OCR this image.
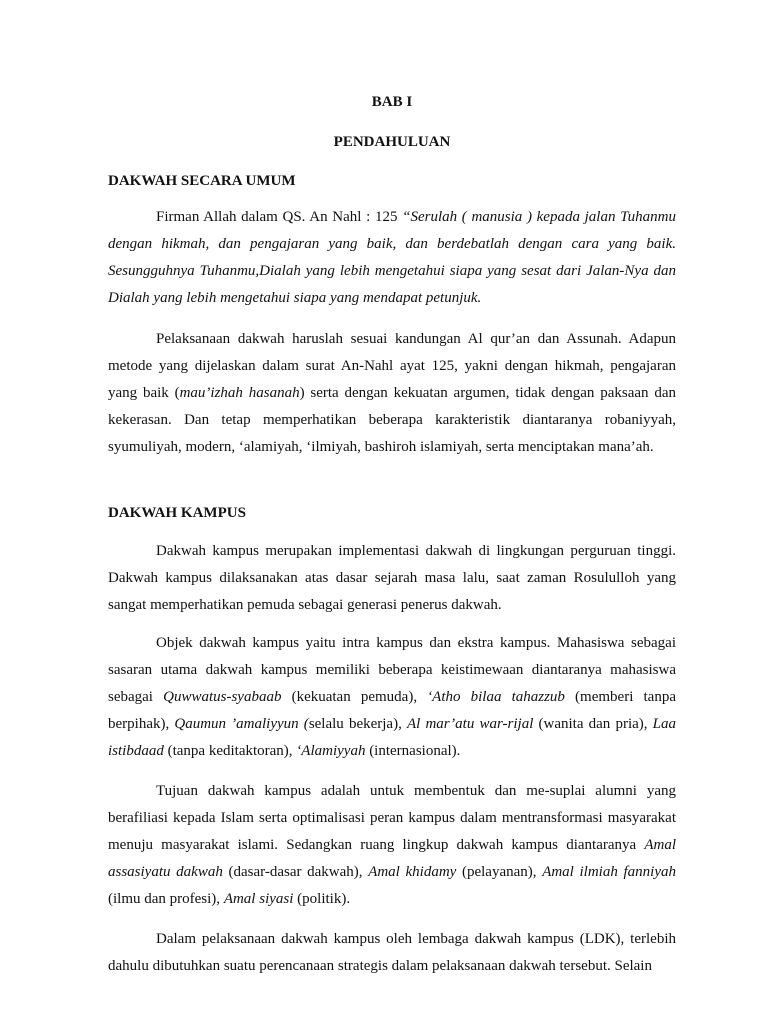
BAB I

PENDAHULUAN

DAKWAH SECARA UMUM

Firman Allah dalam QS. An Nahl : 125 “Serulah ( manusia ) kepada jalan Tuhanmu dengan hikmah, dan pengajaran yang baik, dan berdebatlah dengan cara yang baik. Sesungguhnya Tuhanmu,Dialah yang lebih mengetahui siapa yang sesat dari Jalan-Nya dan Dialah yang lebih mengetahui siapa yang mendapat petunjuk.

Pelaksanaan dakwah haruslah sesuai kandungan Al qur’an dan Assunah. Adapun metode yang dijelaskan dalam surat An-Nahl ayat 125, yakni dengan hikmah, pengajaran yang baik (mau’izhah hasanah) serta dengan kekuatan argumen, tidak dengan paksaan dan kekerasan. Dan tetap memperhatikan beberapa karakteristik diantaranya robaniyyah, syumuliyah, modern, ‘alamiyah, ‘ilmiyah, bashiroh islamiyah, serta menciptakan mana’ah.

DAKWAH KAMPUS

Dakwah kampus merupakan implementasi dakwah di lingkungan perguruan tinggi. Dakwah kampus dilaksanakan atas dasar sejarah masa lalu, saat zaman Rosululloh yang sangat memperhatikan pemuda sebagai generasi penerus dakwah.

Objek dakwah kampus yaitu intra kampus dan ekstra kampus. Mahasiswa sebagai sasaran utama dakwah kampus memiliki beberapa keistimewaan diantaranya mahasiswa sebagai Quwwatus-syabaab (kekuatan pemuda), ‘Atho bilaa tahazzub (memberi tanpa berpihak), Qaumun ’amaliyyun (selalu bekerja), Al mar’atu war-rijal (wanita dan pria), Laa istibdaad (tanpa keditaktoran), ‘Alamiyyah (internasional).

Tujuan dakwah kampus adalah untuk membentuk dan me-suplai alumni yang berafiliasi kepada Islam serta optimalisasi peran kampus dalam mentransformasi masyarakat menuju masyarakat islami. Sedangkan ruang lingkup dakwah kampus diantaranya Amal assasiyatu dakwah (dasar-dasar dakwah), Amal khidamy (pelayanan), Amal ilmiah fanniyah (ilmu dan profesi), Amal siyasi (politik).

Dalam pelaksanaan dakwah kampus oleh lembaga dakwah kampus (LDK), terlebih dahulu dibutuhkan suatu perencanaan strategis dalam pelaksanaan dakwah tersebut. Selain
